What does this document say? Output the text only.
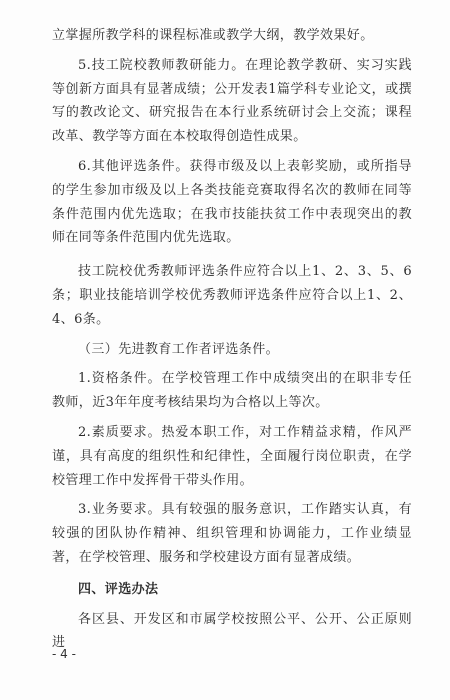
立掌握所教学科的课程标准或教学大纲，教学效果好。

5.技工院校教师教研能力。在理论教学教研、实习实践等创新方面具有显著成绩；公开发表1篇学科专业论文，或撰写的教改论文、研究报告在本行业系统研讨会上交流；课程改革、教学等方面在本校取得创造性成果。

6.其他评选条件。获得市级及以上表彰奖励，或所指导的学生参加市级及以上各类技能竞赛取得名次的教师在同等条件范围内优先选取；在我市技能扶贫工作中表现突出的教师在同等条件范围内优先选取。

技工院校优秀教师评选条件应符合以上1、2、3、5、6条；职业技能培训学校优秀教师评选条件应符合以上1、2、4、6条。

（三）先进教育工作者评选条件。

1.资格条件。在学校管理工作中成绩突出的在职非专任教师，近3年年度考核结果均为合格以上等次。

2.素质要求。热爱本职工作，对工作精益求精，作风严谨，具有高度的组织性和纪律性，全面履行岗位职责，在学校管理工作中发挥骨干带头作用。

3.业务要求。具有较强的服务意识，工作踏实认真，有较强的团队协作精神、组织管理和协调能力，工作业绩显著，在学校管理、服务和学校建设方面有显著成绩。

四、评选办法

各区县、开发区和市属学校按照公平、公开、公正原则进

- 4 -
